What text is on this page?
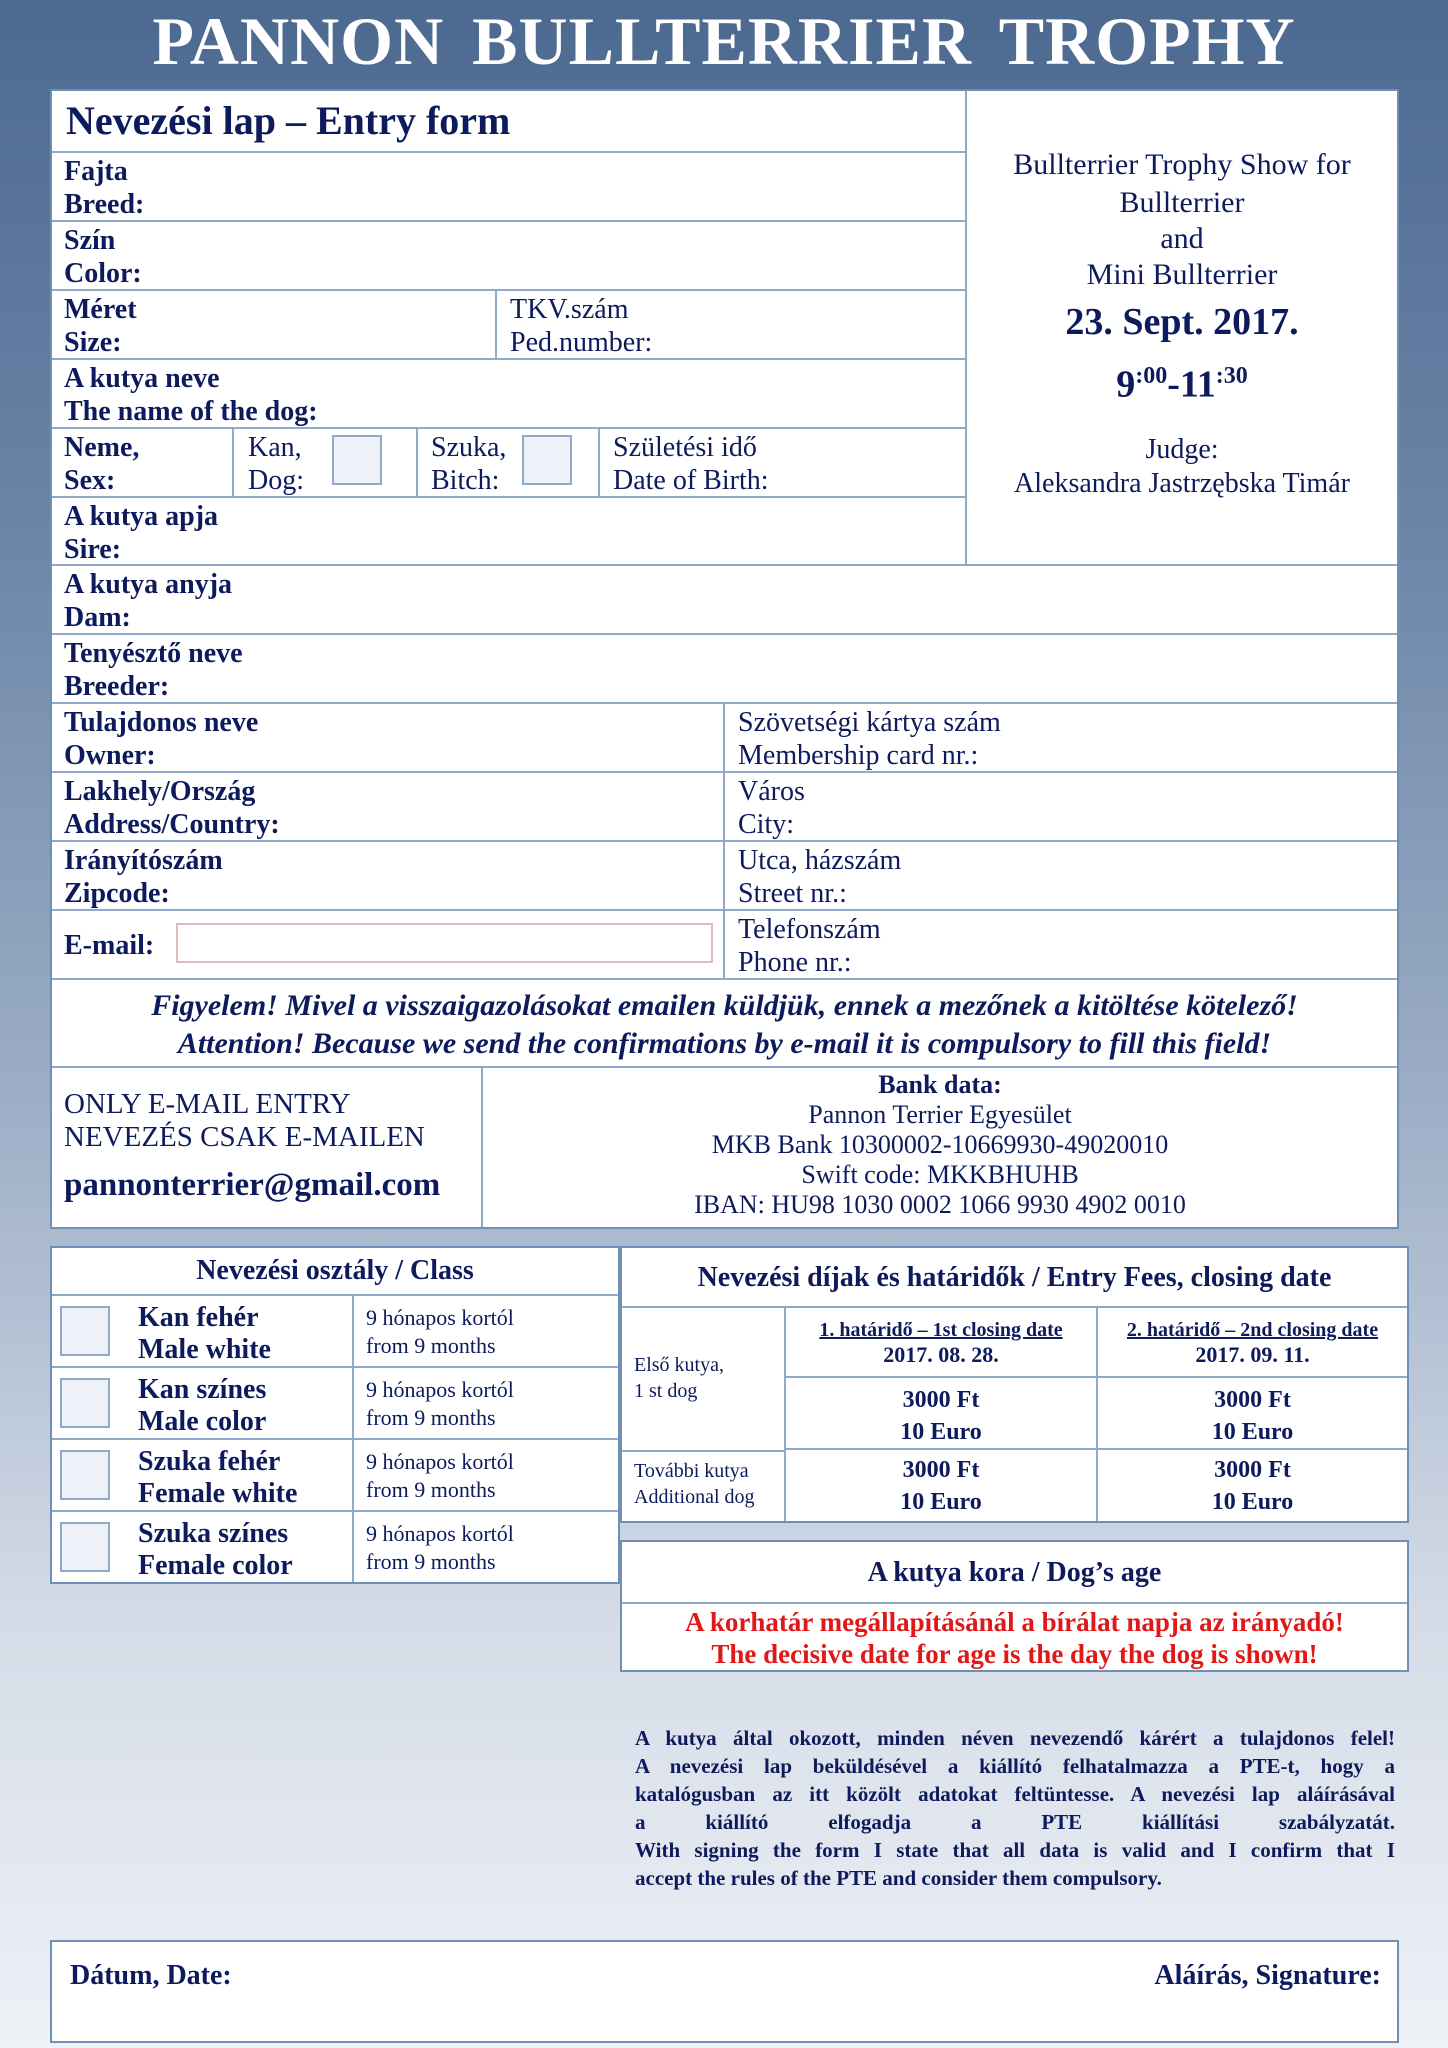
PANNON BULLTERRIER TROPHY
Nevezési lap – Entry form
Fajta
Breed:
Szín
Color:
Méret
Size:
TKV.szám
Ped.number:
A kutya neve
The name of the dog:
Neme,
Sex:
Kan,
Dog:
Szuka,
Bitch:
Születési idő
Date of Birth:
A kutya apja
Sire:
Bullterrier Trophy Show for
Bullterrier
and
Mini Bullterrier
23. Sept. 2017.
$9^{:00}-11^{:30}$
Judge:
Aleksandra Jastrzębska Timár
A kutya anyja
Dam:
Tenyésztő neve
Breeder:
Tulajdonos neve
Owner:
Szövetségi kártya szám
Membership card nr.:
Lakhely/Ország
Address/Country:
Város
City:
Irányítószám
Zipcode:
Utca, házszám
Street nr.:
E-mail:
Telefonszám
Phone nr.:
Figyelem! Mivel a visszaigazolásokat emailen küldjük, ennek a mezőnek a kitöltése kötelező!
Attention! Because we send the confirmations by e-mail it is compulsory to fill this field!
ONLY E-MAIL ENTRY
NEVEZÉS CSAK E-MAILEN
pannonterrier@gmail.com
Bank data:
Pannon Terrier Egyesület
MKB Bank 10300002-10669930-49020010
Swift code: MKKBHUHB
IBAN: HU98 1030 0002 1066 9930 4902 0010
Nevezési osztály / Class
Kan fehér
Male white
9 hónapos kortól
from 9 months
Kan színes
Male color
9 hónapos kortól
from 9 months
Szuka fehér
Female white
9 hónapos kortól
from 9 months
Szuka színes
Female color
9 hónapos kortól
from 9 months
Nevezési díjak és határidők / Entry Fees, closing date
1. határidő – 1st closing date
2017. 08. 28.
2. határidő – 2nd closing date
2017. 09. 11.
Első kutya,
1 st dog	3000 Ft
10 Euro
3000 Ft
10 Euro
További kutya
Additional dog
3000 Ft
10 Euro
3000 Ft
10 Euro
A kutya kora / Dog’s age
A korhatár megállapításánál a bírálat napja az irányadó!
The decisive date for age is the day the dog is shown!
A kutya által okozott, minden néven nevezendő kárért a tulajdonos felel!
A nevezési lap beküldésével a kiállító felhatalmazza a PTE-t, hogy a
katalógusban az itt közölt adatokat feltüntesse. A nevezési lap aláírásával
a kiállító elfogadja a PTE kiállítási szabályzatát.
With signing the form I state that all data is valid and I confirm that I
accept the rules of the PTE and consider them compulsory.
Dátum, Date:	Aláírás, Signature:
